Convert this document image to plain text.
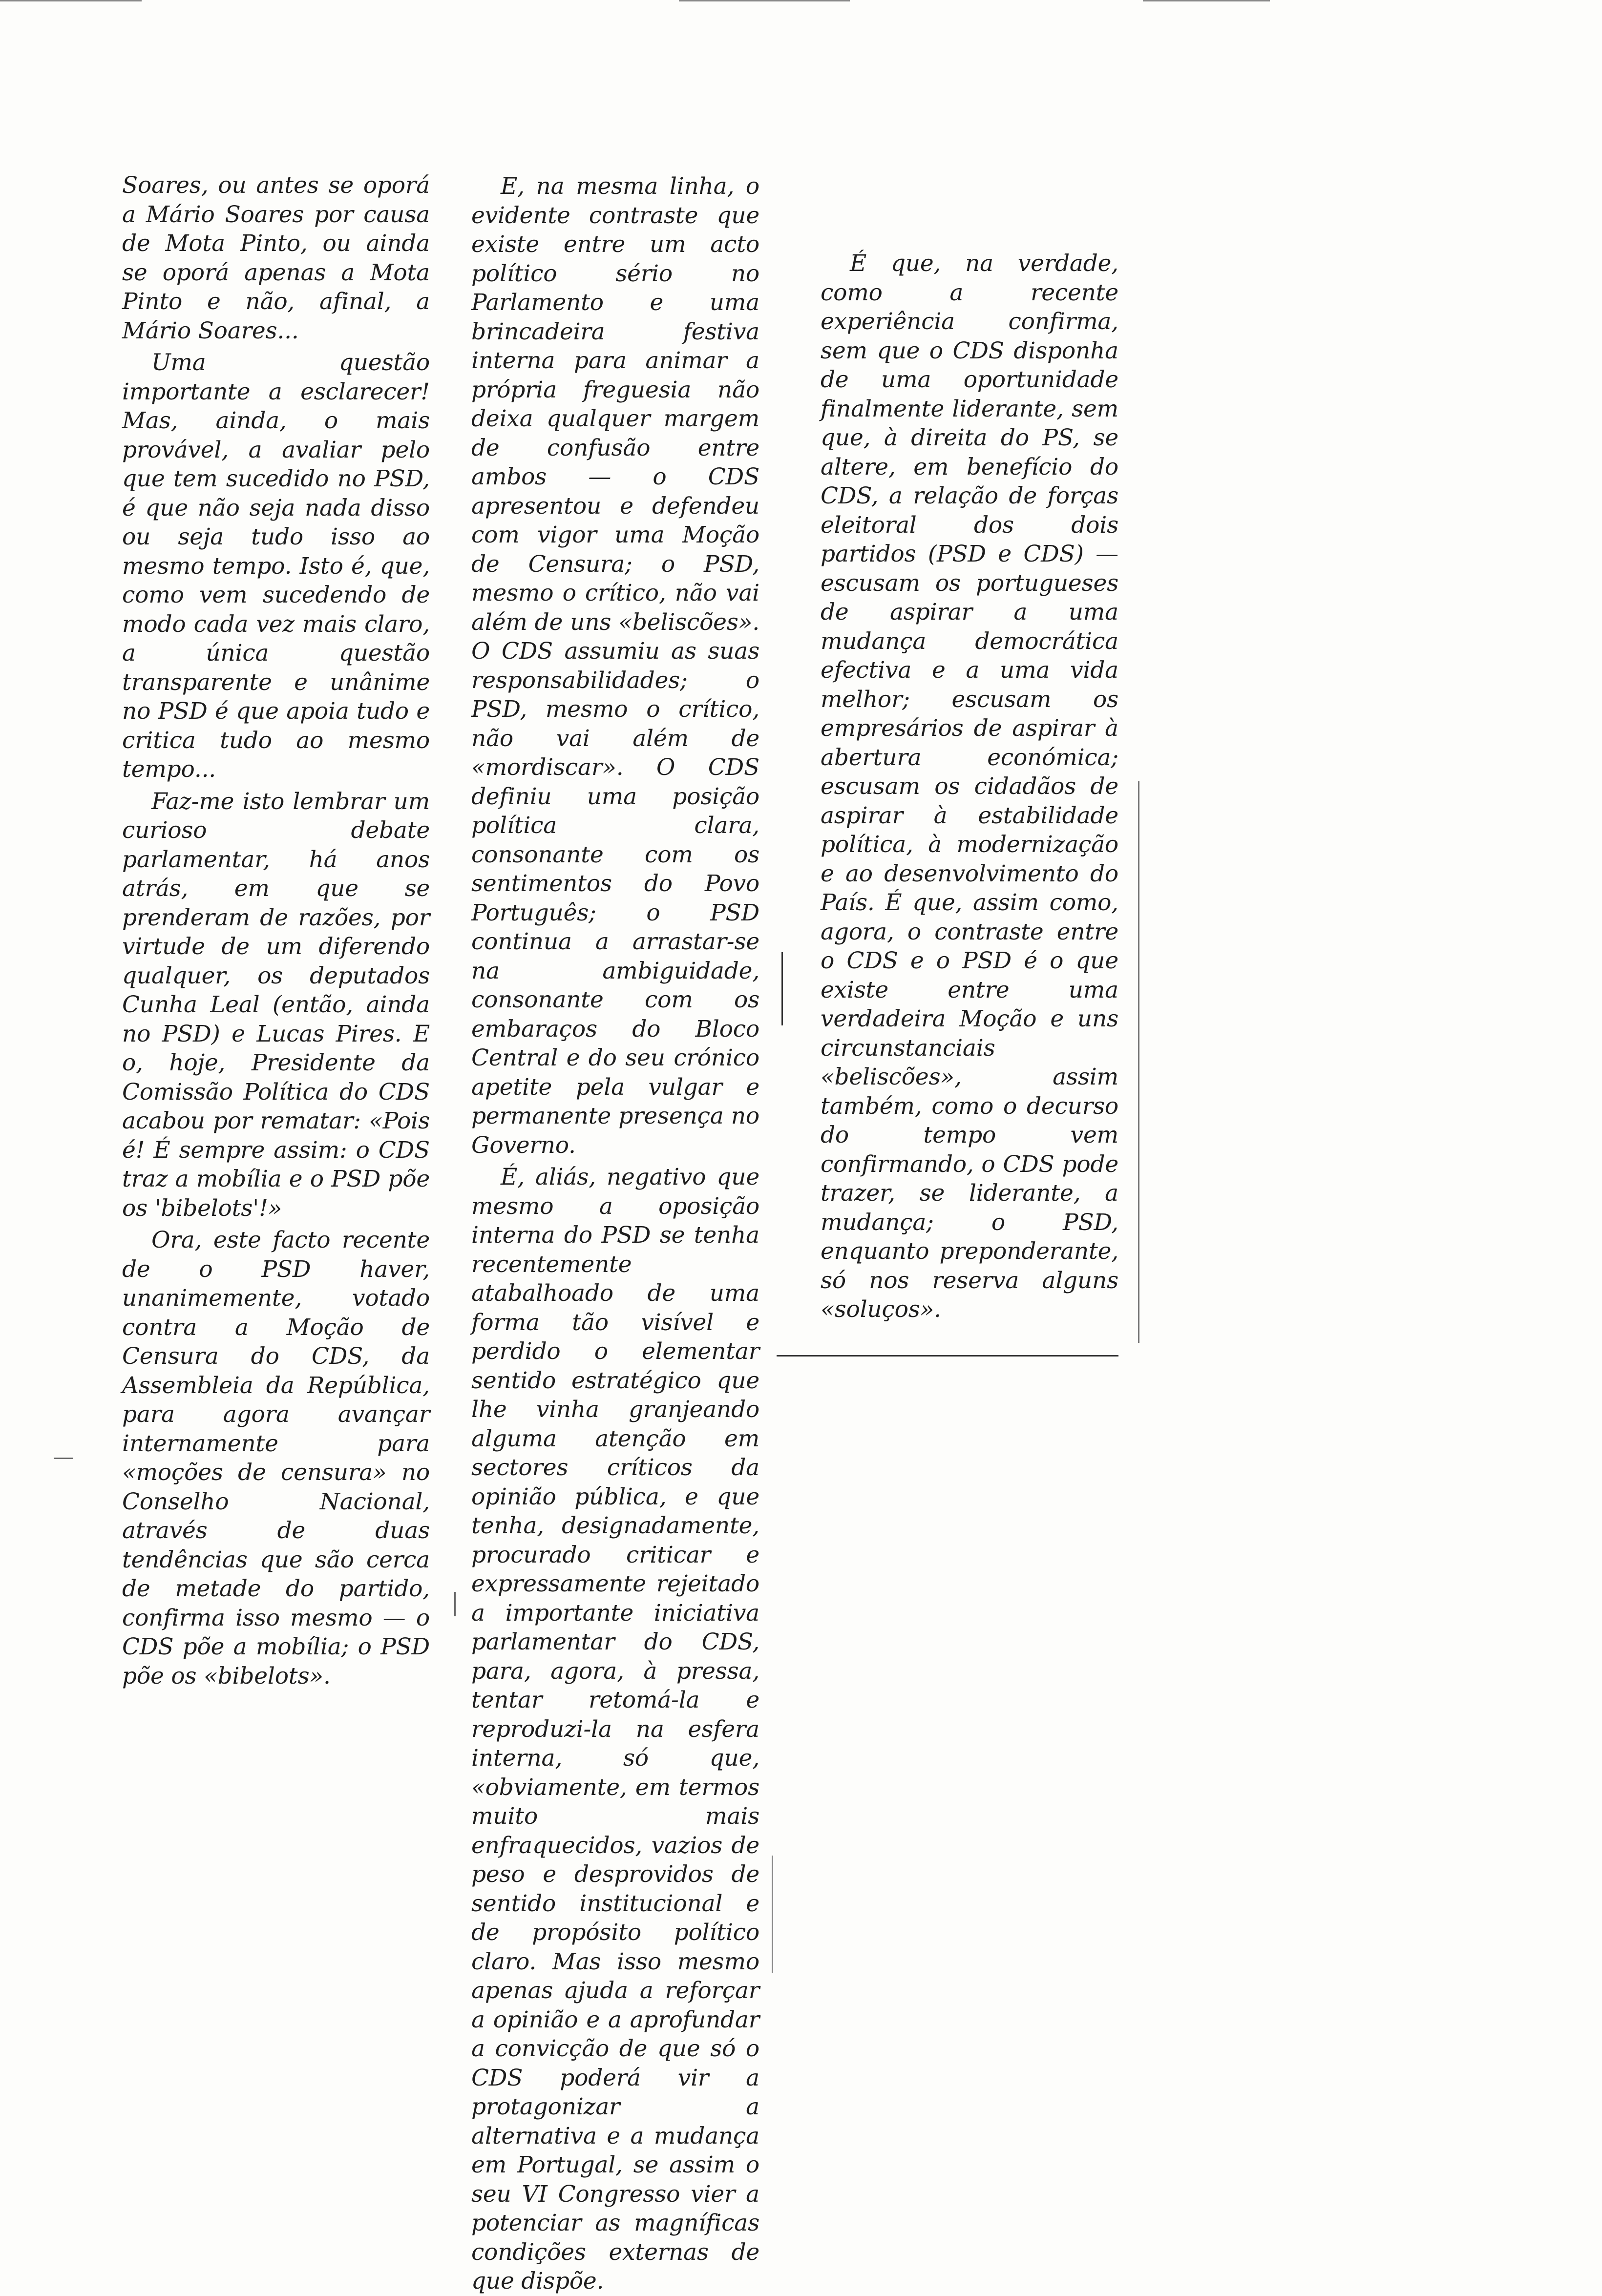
Soares, ou antes se oporá a Mário Soares por causa de Mota Pinto, ou ainda se oporá apenas a Mota Pinto e não, afinal, a Mário Soares...

Uma questão importante a esclarecer! Mas, ainda, o mais provável, a avaliar pelo que tem sucedido no PSD, é que não seja nada disso ou seja tudo isso ao mesmo tempo. Isto é, que, como vem sucedendo de modo cada vez mais claro, a única questão transparente e unânime no PSD é que apoia tudo e critica tudo ao mesmo tempo...

Faz-me isto lembrar um curioso debate parlamentar, há anos atrás, em que se prenderam de razões, por virtude de um diferendo qualquer, os deputados Cunha Leal (então, ainda no PSD) e Lucas Pires. E o, hoje, Presidente da Comissão Política do CDS acabou por rematar: «Pois é! É sempre assim: o CDS traz a mobília e o PSD põe os 'bibelots'!»

Ora, este facto recente de o PSD haver, unanimemente, votado contra a Moção de Censura do CDS, da Assembleia da República, para agora avançar internamente para «moções de censura» no Conselho Nacional, através de duas tendências que são cerca de metade do partido, confirma isso mesmo — o CDS põe a mobília; o PSD põe os «bibelots».

E, na mesma linha, o evidente contraste que existe entre um acto político sério no Parlamento e uma brincadeira festiva interna para animar a própria freguesia não deixa qualquer margem de confusão entre ambos — o CDS apresentou e defendeu com vigor uma Moção de Censura; o PSD, mesmo o crítico, não vai além de uns «beliscões». O CDS assumiu as suas responsabilidades; o PSD, mesmo o crítico, não vai além de «mordiscar». O CDS definiu uma posição política clara, consonante com os sentimentos do Povo Português; o PSD continua a arrastar-se na ambiguidade, consonante com os embaraços do Bloco Central e do seu crónico apetite pela vulgar e permanente presença no Governo.

É, aliás, negativo que mesmo a oposição interna do PSD se tenha recentemente atabalhoado de uma forma tão visível e perdido o elementar sentido estratégico que lhe vinha granjeando alguma atenção em sectores críticos da opinião pública, e que tenha, designadamente, procurado criticar e expressamente rejeitado a importante iniciativa parlamentar do CDS, para, agora, à pressa, tentar retomá-la e reproduzi-la na esfera interna, só que, «obviamente, em termos muito mais enfraquecidos, vazios de peso e desprovidos de sentido institucional e de propósito político claro. Mas isso mesmo apenas ajuda a reforçar a opinião e a aprofundar a convicção de que só o CDS poderá vir a protagonizar a alternativa e a mudança em Portugal, se assim o seu VI Congresso vier a potenciar as magníficas condições externas de que dispõe.

É que, na verdade, como a recente experiência confirma, sem que o CDS disponha de uma oportunidade finalmente liderante, sem que, à direita do PS, se altere, em benefício do CDS, a relação de forças eleitoral dos dois partidos (PSD e CDS) — escusam os portugueses de aspirar a uma mudança democrática efectiva e a uma vida melhor; escusam os empresários de aspirar à abertura económica; escusam os cidadãos de aspirar à estabilidade política, à modernização e ao desenvolvimento do País. É que, assim como, agora, o contraste entre o CDS e o PSD é o que existe entre uma verdadeira Moção e uns circunstanciais «beliscões», assim também, como o decurso do tempo vem confirmando, o CDS pode trazer, se liderante, a mudança; o PSD, enquanto preponderante, só nos reserva alguns «soluços».
